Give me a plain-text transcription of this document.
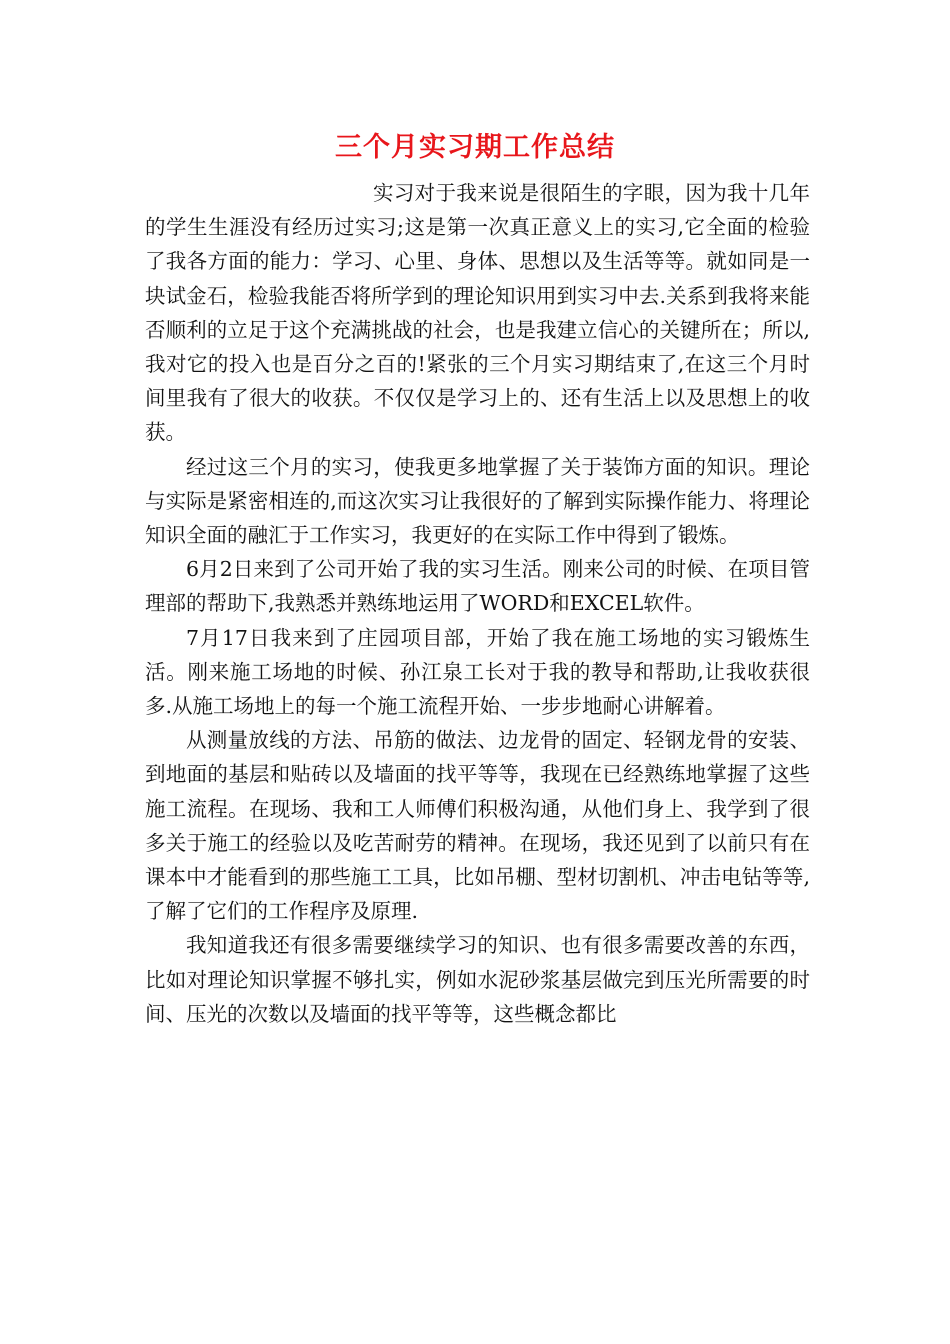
三个月实习期工作总结

实习对于我来说是很陌生的字眼，因为我十几年的学生生涯没有经历过实习;这是第一次真正意义上的实习,它全面的检验了我各方面的能力：学习、心里、身体、思想以及生活等等。就如同是一块试金石，检验我能否将所学到的理论知识用到实习中去.关系到我将来能否顺利的立足于这个充满挑战的社会，也是我建立信心的关键所在；所以,我对它的投入也是百分之百的!紧张的三个月实习期结束了,在这三个月时间里我有了很大的收获。不仅仅是学习上的、还有生活上以及思想上的收获。

经过这三个月的实习，使我更多地掌握了关于装饰方面的知识。理论与实际是紧密相连的,而这次实习让我很好的了解到实际操作能力、将理论知识全面的融汇于工作实习，我更好的在实际工作中得到了锻炼。

6月2日来到了公司开始了我的实习生活。刚来公司的时候、在项目管理部的帮助下,我熟悉并熟练地运用了WORD和EXCEL软件。

7月17日我来到了庄园项目部，开始了我在施工场地的实习锻炼生活。刚来施工场地的时候、孙江泉工长对于我的教导和帮助,让我收获很多.从施工场地上的每一个施工流程开始、一步步地耐心讲解着。

从测量放线的方法、吊筋的做法、边龙骨的固定、轻钢龙骨的安装、到地面的基层和贴砖以及墙面的找平等等，我现在已经熟练地掌握了这些施工流程。在现场、我和工人师傅们积极沟通，从他们身上、我学到了很多关于施工的经验以及吃苦耐劳的精神。在现场，我还见到了以前只有在课本中才能看到的那些施工工具，比如吊棚、型材切割机、冲击电钻等等,了解了它们的工作程序及原理.

我知道我还有很多需要继续学习的知识、也有很多需要改善的东西，比如对理论知识掌握不够扎实，例如水泥砂浆基层做完到压光所需要的时间、压光的次数以及墙面的找平等等，这些概念都比
